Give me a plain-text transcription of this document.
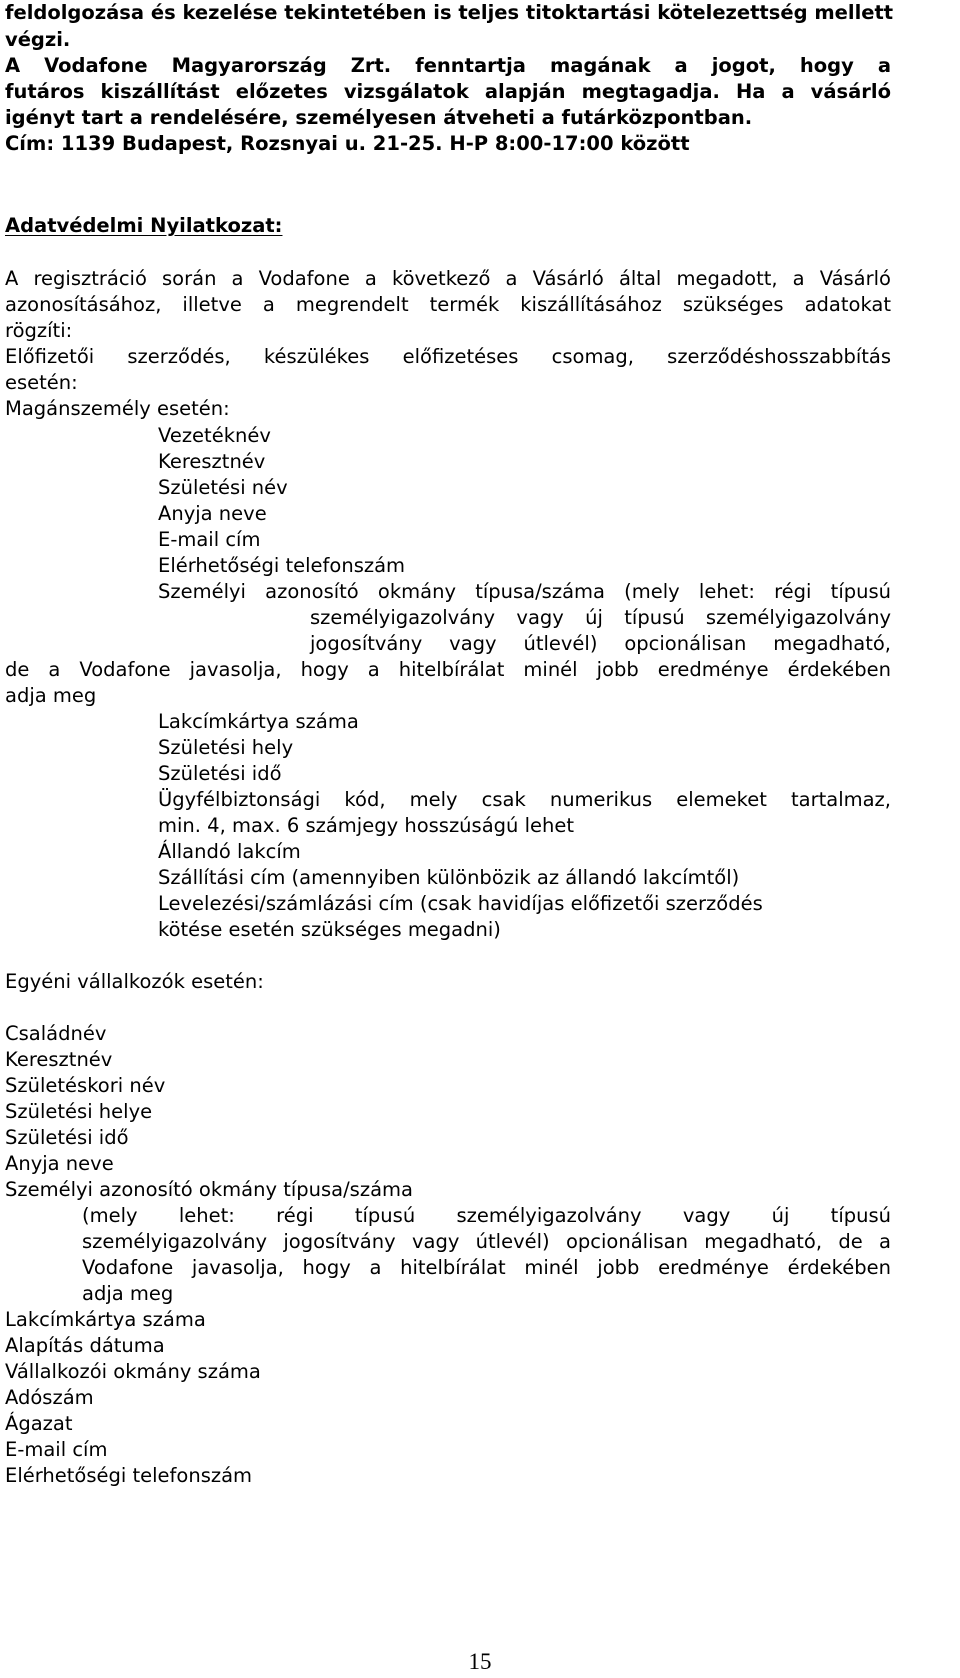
feldolgozása és kezelése tekintetében is teljes titoktartási kötelezettség mellett
végzi.
A Vodafone Magyarország Zrt. fenntartja magának a jogot, hogy a
futáros kiszállítást előzetes vizsgálatok alapján megtagadja. Ha a vásárló
igényt tart a rendelésére, személyesen átveheti a futárközpontban.
Cím: 1139 Budapest, Rozsnyai u. 21-25. H-P 8:00-17:00 között
Adatvédelmi Nyilatkozat:
A regisztráció során a Vodafone a következő a Vásárló által megadott, a Vásárló
azonosításához, illetve a megrendelt termék kiszállításához szükséges adatokat
rögzíti:
Előfizetői szerződés, készülékes előfizetéses csomag, szerződéshosszabbítás
esetén:
Magánszemély esetén:
Vezetéknév
Keresztnév
Születési név
Anyja neve
E-mail cím
Elérhetőségi telefonszám
Személyi azonosító okmány típusa/száma (mely lehet: régi típusú
személyigazolvány vagy új típusú személyigazolvány
jogosítvány vagy útlevél) opcionálisan megadható,
de a Vodafone javasolja, hogy a hitelbírálat minél jobb eredménye érdekében
adja meg
Lakcímkártya száma
Születési hely
Születési idő
Ügyfélbiztonsági kód, mely csak numerikus elemeket tartalmaz,
min. 4, max. 6 számjegy hosszúságú lehet
Állandó lakcím
Szállítási cím (amennyiben különbözik az állandó lakcímtől)
Levelezési/számlázási cím (csak havidíjas előfizetői szerződés
kötése esetén szükséges megadni)
Egyéni vállalkozók esetén:
Családnév
Keresztnév
Születéskori név
Születési helye
Születési idő
Anyja neve
Személyi azonosító okmány típusa/száma
(mely lehet: régi típusú személyigazolvány vagy új típusú
személyigazolvány jogosítvány vagy útlevél) opcionálisan megadható, de a
Vodafone javasolja, hogy a hitelbírálat minél jobb eredménye érdekében
adja meg
Lakcímkártya száma
Alapítás dátuma
Vállalkozói okmány száma
Adószám
Ágazat
E-mail cím
Elérhetőségi telefonszám
15
